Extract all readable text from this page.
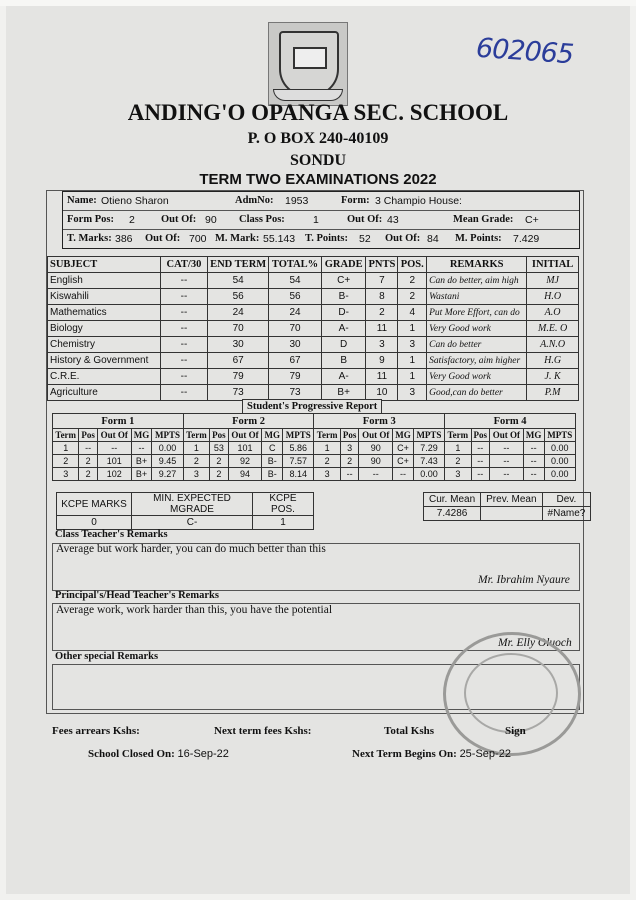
602065
ANDING'O OPANGA SEC. SCHOOL
P. O BOX 240-40109
SONDU
TERM TWO EXAMINATIONS 2022
Name: Otieno Sharon	AdmNo: 1953	Form: 3 Champio House:
Form Pos: 2 Out Of: 90 Class Pos:	1	Out Of: 43	Mean Grade: C+
T. Marks: 386 Out Of: 700 M. Mark: 55.143 T. Points: 52 Out Of: 84 M. Points: 7.429
SUBJECT	CAT/30	END TERM	TOTAL%	GRADE	PNTS	POS.	REMARKS	INITIAL
English	--	54	54	C+	7	2	Can do better, aim high	MJ
Kiswahili	--	56	56	B-	8	2	Wastani	H.O
Mathematics	--	24	24	D-	2	4	Put More Effort, can do	A.O
Biology	--	70	70	A-	11	1	Very Good work	M.E. O
Chemistry	--	30	30	D	3	3	Can do better	A.N.O
History & Government	--	67	67	B	9	1	Satisfactory, aim higher	H.G
C.R.E.	--	79	79	A-	11	1	Very Good work	J. K
Agriculture	--	73	73	B+	10	3	Good,can do better	P.M
Student's Progressive Report
Form 1					Form 2					Form 3					Form 4				
Term	Pos	Out Of	MG	MPTS	Term	Pos	Out Of	MG	MPTS	Term	Pos	Out Of	MG	MPTS	Term	Pos	Out Of	MG	MPTS
1	--	--	--	0.00	1	53	101	C	5.86	1	3	90	C+	7.29	1	--	--	--	0.00
2	2	101	B+	9.45	2	2	92	B-	7.57	2	2	90	C+	7.43	2	--	--	--	0.00
3	2	102	B+	9.27	3	2	94	B-	8.14	3	--	--	--	0.00	3	--	--	--	0.00
KCPE MARKS	MIN. EXPECTED MGRADE	KCPE POS.
0	C-	1
Cur. Mean	Prev. Mean	Dev.
7.4286		#Name?
Class Teacher's Remarks
Average but work harder, you can do much better than this
Mr. Ibrahim Nyaure
Principal's/Head Teacher's Remarks
Average work, work harder than this, you have the potential
Mr. Elly Oluoch
Other special Remarks
Fees arrears Kshs:	Next term fees Kshs:	Total Kshs	Sign
School Closed On: 16-Sep-22	Next Term Begins On: 25-Sep-22
